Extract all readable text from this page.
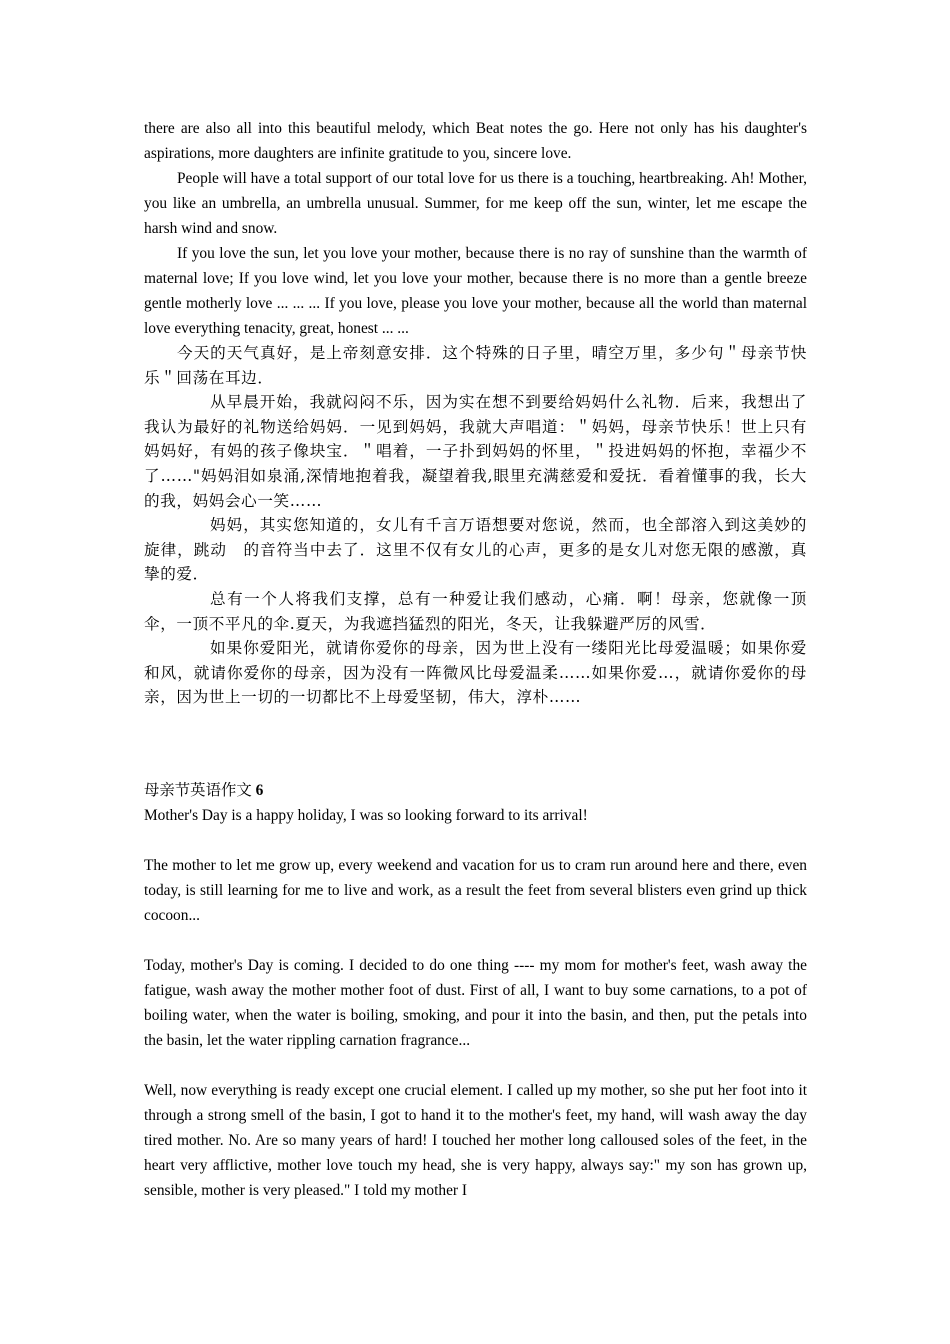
there are also all into this beautiful melody, which Beat notes the go. Here not only has his daughter's aspirations, more daughters are infinite gratitude to you, sincere love.

People will have a total support of our total love for us there is a touching, heartbreaking. Ah! Mother, you like an umbrella, an umbrella unusual. Summer, for me keep off the sun, winter, let me escape the harsh wind and snow.

If you love the sun, let you love your mother, because there is no ray of sunshine than the warmth of maternal love; If you love wind, let you love your mother, because there is no more than a gentle breeze gentle motherly love ... ... ... If you love, please you love your mother, because all the world than maternal love everything tenacity, great, honest ... ...

今天的天气真好，是上帝刻意安排．这个特殊的日子里，晴空万里，多少句＂母亲节快乐＂回荡在耳边．

从早晨开始，我就闷闷不乐，因为实在想不到要给妈妈什么礼物．后来，我想出了我认为最好的礼物送给妈妈．一见到妈妈，我就大声唱道：＂妈妈，母亲节快乐！世上只有妈妈好，有妈的孩子像块宝．＂唱着，一子扑到妈妈的怀里，＂投进妈妈的怀抱，幸福少不了……"妈妈泪如泉涌,深情地抱着我，凝望着我,眼里充满慈爱和爱抚．看着懂事的我，长大的我，妈妈会心一笑……

妈妈，其实您知道的，女儿有千言万语想要对您说，然而，也全部溶入到这美妙的旋律，跳动　的音符当中去了．这里不仅有女儿的心声，更多的是女儿对您无限的感激，真挚的爱．

总有一个人将我们支撑，总有一种爱让我们感动，心痛．啊！母亲，您就像一顶伞，一顶不平凡的伞.夏天，为我遮挡猛烈的阳光，冬天，让我躲避严厉的风雪．

如果你爱阳光，就请你爱你的母亲，因为世上没有一缕阳光比母爱温暖；如果你爱和风，就请你爱你的母亲，因为没有一阵微风比母爱温柔……如果你爱…，就请你爱你的母亲，因为世上一切的一切都比不上母爱坚韧，伟大，淳朴……

母亲节英语作文 6

Mother's Day is a happy holiday, I was so looking forward to its arrival!

The mother to let me grow up, every weekend and vacation for us to cram run around here and there, even today, is still learning for me to live and work, as a result the feet from several blisters even grind up thick cocoon...

Today, mother's Day is coming. I decided to do one thing ---- my mom for mother's feet, wash away the fatigue, wash away the mother mother foot of dust. First of all, I want to buy some carnations, to a pot of boiling water, when the water is boiling, smoking, and pour it into the basin, and then, put the petals into the basin, let the water rippling carnation fragrance...

Well, now everything is ready except one crucial element. I called up my mother, so she put her foot into it through a strong smell of the basin, I got to hand it to the mother's feet, my hand, will wash away the day tired mother. No. Are so many years of hard! I touched her mother long calloused soles of the feet, in the heart very afflictive, mother love touch my head, she is very happy, always say:" my son has grown up, sensible, mother is very pleased." I told my mother I
